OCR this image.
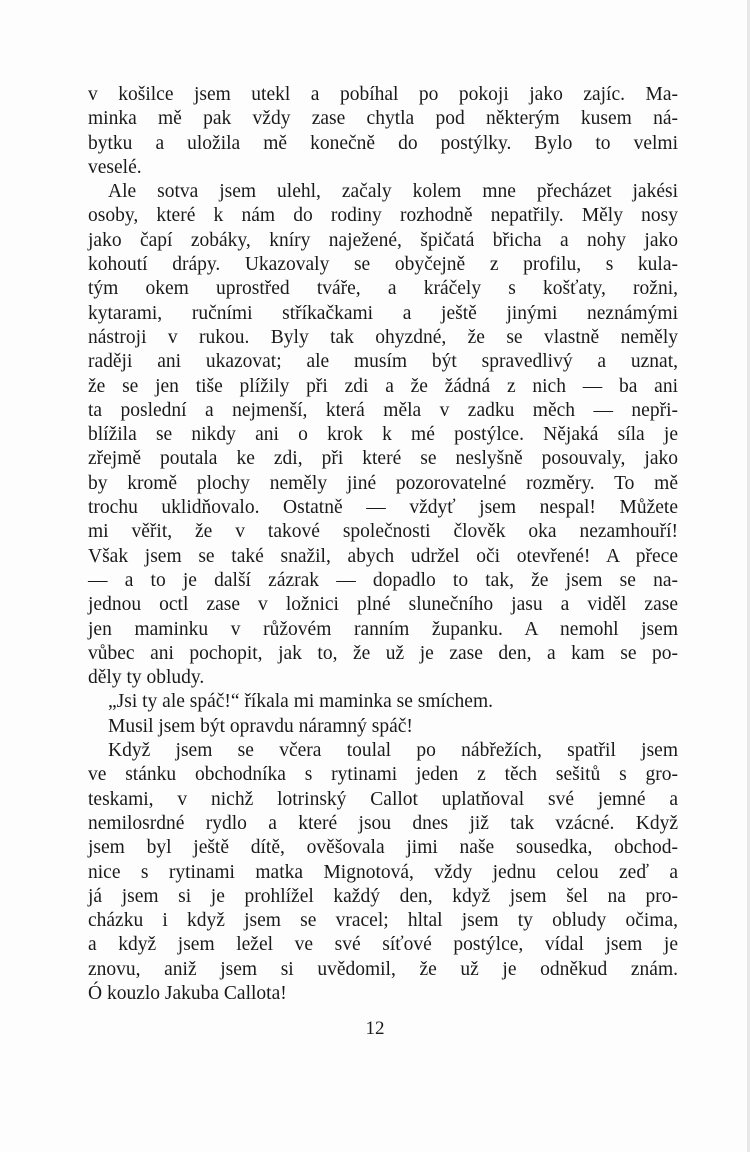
v košilce jsem utekl a pobíhal po pokoji jako zajíc. Ma-
minka mě pak vždy zase chytla pod některým kusem ná-
bytku a uložila mě konečně do postýlky. Bylo to velmi
veselé.
Ale sotva jsem ulehl, začaly kolem mne přecházet jakési
osoby, které k nám do rodiny rozhodně nepatřily. Měly nosy
jako čapí zobáky, kníry naježené, špičatá břicha a nohy jako
kohoutí drápy. Ukazovaly se obyčejně z profilu, s kula-
tým okem uprostřed tváře, a kráčely s košťaty, rožni,
kytarami, ručními stříkačkami a ještě jinými neznámými
nástroji v rukou. Byly tak ohyzdné, že se vlastně neměly
raději ani ukazovat; ale musím být spravedlivý a uznat,
že se jen tiše plížily při zdi a že žádná z nich — ba ani
ta poslední a nejmenší, která měla v zadku měch — nepři-
blížila se nikdy ani o krok k mé postýlce. Nějaká síla je
zřejmě poutala ke zdi, při které se neslyšně posouvaly, jako
by kromě plochy neměly jiné pozorovatelné rozměry. To mě
trochu uklidňovalo. Ostatně — vždyť jsem nespal! Můžete
mi věřit, že v takové společnosti člověk oka nezamhouří!
Však jsem se také snažil, abych udržel oči otevřené! A přece
— a to je další zázrak — dopadlo to tak, že jsem se na-
jednou octl zase v ložnici plné slunečního jasu a viděl zase
jen maminku v růžovém ranním županku. A nemohl jsem
vůbec ani pochopit, jak to, že už je zase den, a kam se po-
děly ty obludy.
„Jsi ty ale spáč!“ říkala mi maminka se smíchem.
Musil jsem být opravdu náramný spáč!
Když jsem se včera toulal po nábřežích, spatřil jsem
ve stánku obchodníka s rytinami jeden z těch sešitů s gro-
teskami, v nichž lotrinský Callot uplatňoval své jemné a
nemilosrdné rydlo a které jsou dnes již tak vzácné. Když
jsem byl ještě dítě, ověšovala jimi naše sousedka, obchod-
nice s rytinami matka Mignotová, vždy jednu celou zeď a
já jsem si je prohlížel každý den, když jsem šel na pro-
cházku i když jsem se vracel; hltal jsem ty obludy očima,
a když jsem ležel ve své síťové postýlce, vídal jsem je
znovu, aniž jsem si uvědomil, že už je odněkud znám.
Ó kouzlo Jakuba Callota!
12
